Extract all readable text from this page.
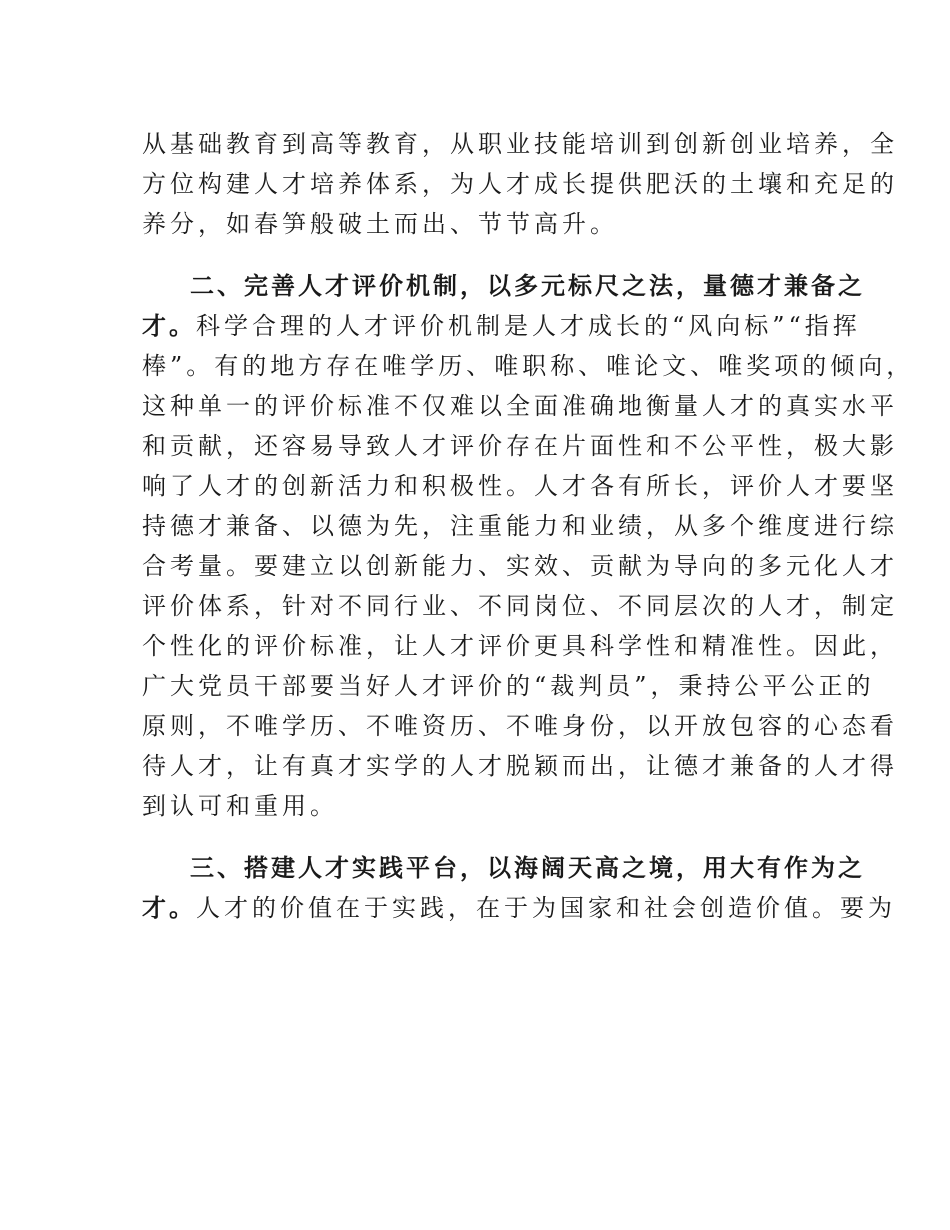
从基础教育到高等教育，从职业技能培训到创新创业培养，全
方位构建人才培养体系，为人才成长提供肥沃的土壤和充足的
养分，如春笋般破土而出、节节高升。
二、完善人才评价机制，以多元标尺之法，量德才兼备之
才。科学合理的人才评价机制是人才成长的“风向标”“指挥
棒”。有的地方存在唯学历、唯职称、唯论文、唯奖项的倾向，
这种单一的评价标准不仅难以全面准确地衡量人才的真实水平
和贡献，还容易导致人才评价存在片面性和不公平性，极大影
响了人才的创新活力和积极性。人才各有所长，评价人才要坚
持德才兼备、以德为先，注重能力和业绩，从多个维度进行综
合考量。要建立以创新能力、实效、贡献为导向的多元化人才
评价体系，针对不同行业、不同岗位、不同层次的人才，制定
个性化的评价标准，让人才评价更具科学性和精准性。因此，
广大党员干部要当好人才评价的“裁判员”，秉持公平公正的
原则，不唯学历、不唯资历、不唯身份，以开放包容的心态看
待人才，让有真才实学的人才脱颖而出，让德才兼备的人才得
到认可和重用。
三、搭建人才实践平台，以海阔天高之境，用大有作为之
才。人才的价值在于实践，在于为国家和社会创造价值。要为
